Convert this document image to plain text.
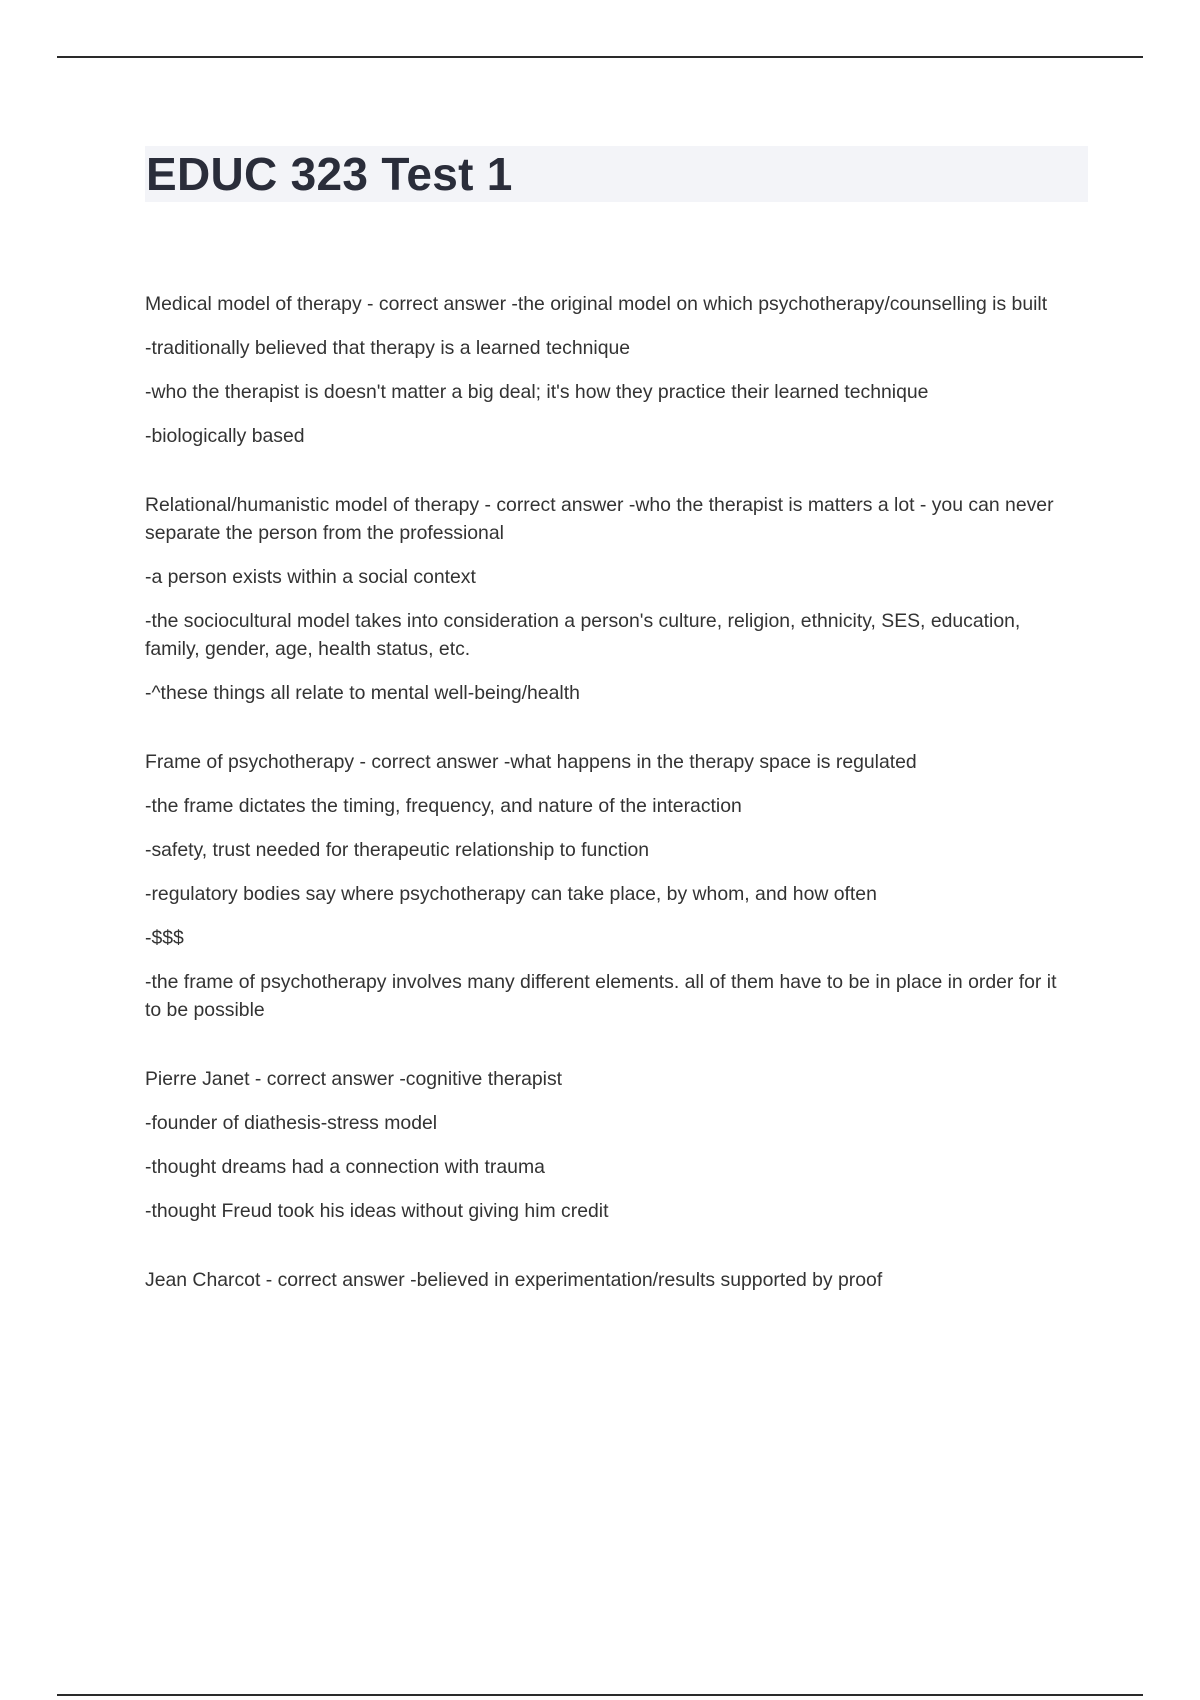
EDUC 323 Test 1

Medical model of therapy - correct answer -the original model on which psychotherapy/counselling is built

-traditionally believed that therapy is a learned technique

-who the therapist is doesn't matter a big deal; it's how they practice their learned technique

-biologically based

Relational/humanistic model of therapy - correct answer -who the therapist is matters a lot - you can never separate the person from the professional

-a person exists within a social context

-the sociocultural model takes into consideration a person's culture, religion, ethnicity, SES, education, family, gender, age, health status, etc.

-^these things all relate to mental well-being/health

Frame of psychotherapy - correct answer -what happens in the therapy space is regulated

-the frame dictates the timing, frequency, and nature of the interaction

-safety, trust needed for therapeutic relationship to function

-regulatory bodies say where psychotherapy can take place, by whom, and how often

-$$$

-the frame of psychotherapy involves many different elements. all of them have to be in place in order for it to be possible

Pierre Janet - correct answer -cognitive therapist

-founder of diathesis-stress model

-thought dreams had a connection with trauma

-thought Freud took his ideas without giving him credit

Jean Charcot - correct answer -believed in experimentation/results supported by proof
